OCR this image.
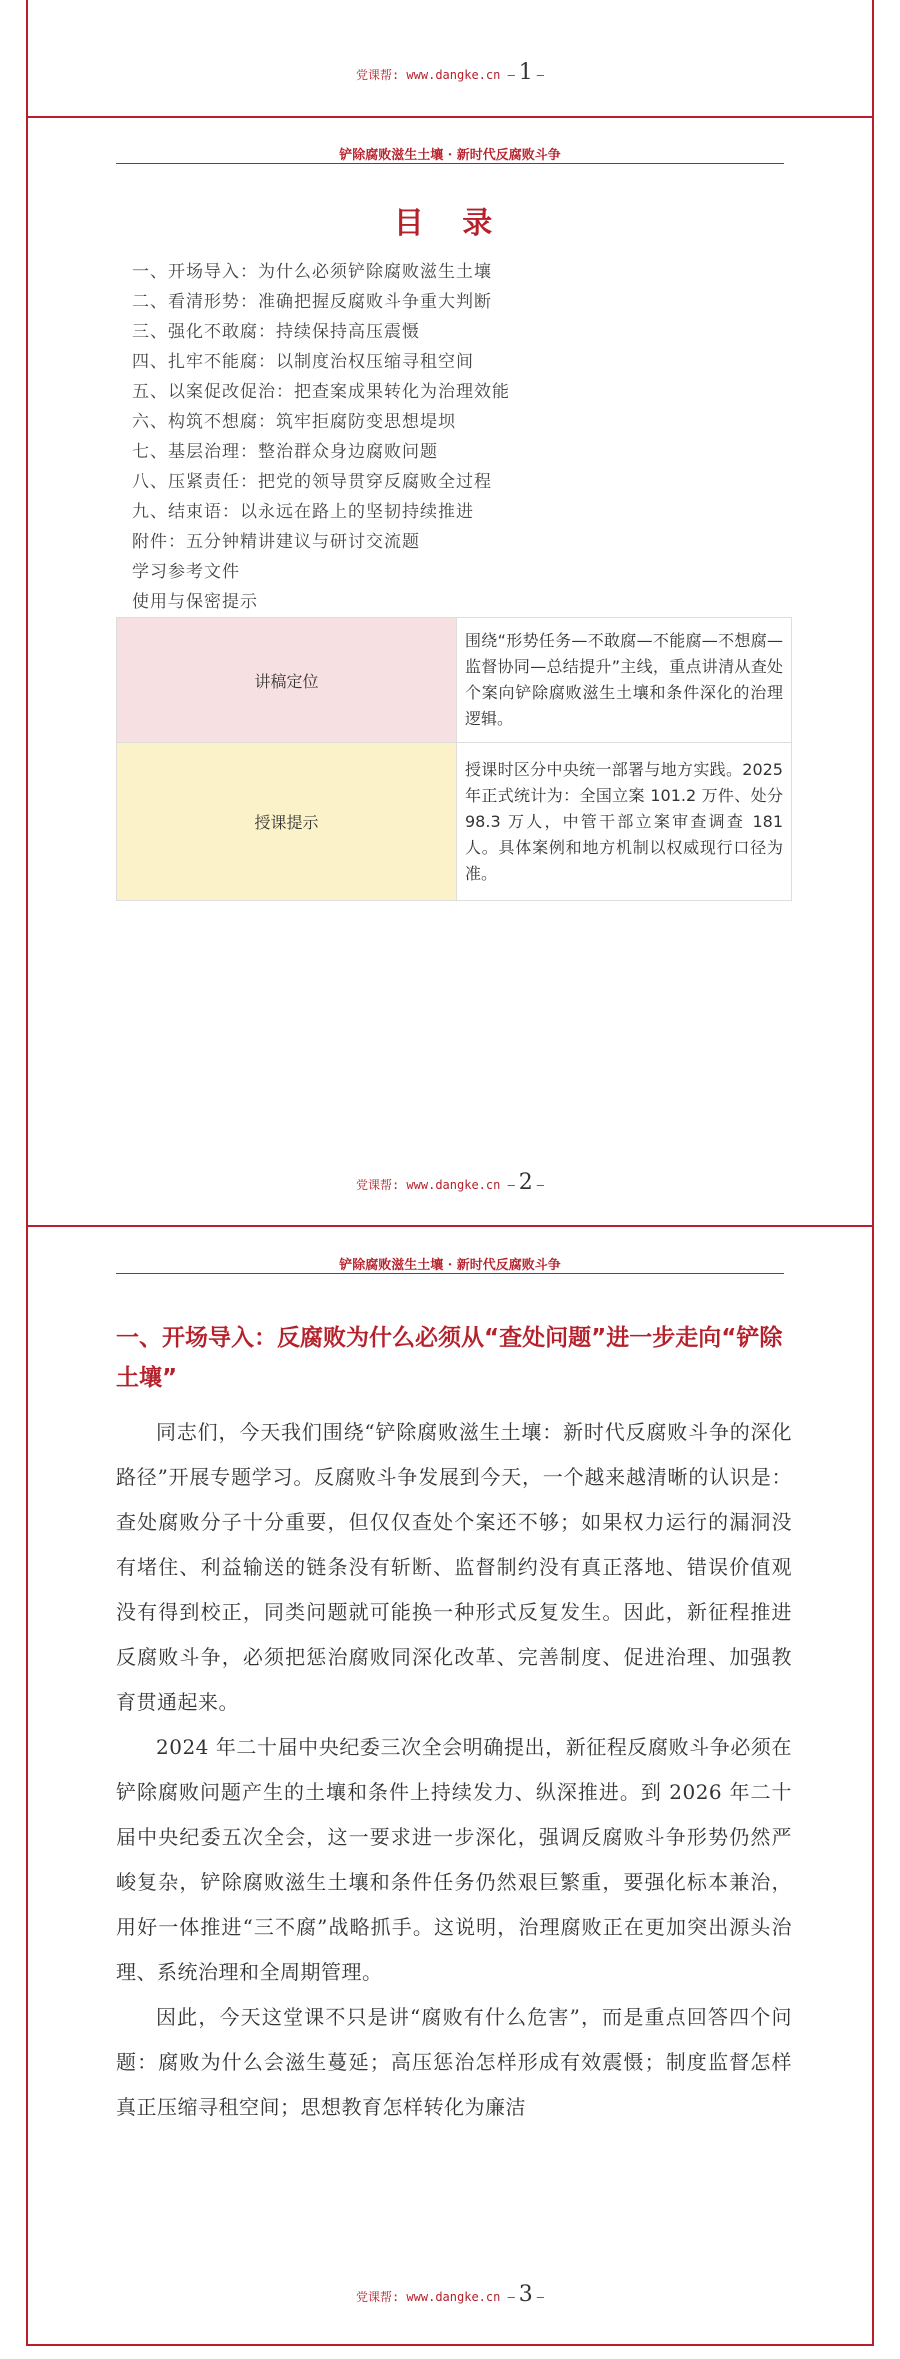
党课帮: www.dangke.cn — 1 —
铲除腐败滋生土壤 · 新时代反腐败斗争
目 录
一、开场导入：为什么必须铲除腐败滋生土壤
二、看清形势：准确把握反腐败斗争重大判断
三、强化不敢腐：持续保持高压震慑
四、扎牢不能腐：以制度治权压缩寻租空间
五、以案促改促治：把查案成果转化为治理效能
六、构筑不想腐：筑牢拒腐防变思想堤坝
七、基层治理：整治群众身边腐败问题
八、压紧责任：把党的领导贯穿反腐败全过程
九、结束语：以永远在路上的坚韧持续推进
附件：五分钟精讲建议与研讨交流题
学习参考文件
使用与保密提示
讲稿定位	围绕“形势任务—不敢腐—不能腐—不想腐—监督协同—总结提升”主线，重点讲清从查处个案向铲除腐败滋生土壤和条件深化的治理逻辑。
授课提示	授课时区分中央统一部署与地方实践。2025 年正式统计为：全国立案 101.2 万件、处分 98.3 万人，中管干部立案审查调查 181 人。具体案例和地方机制以权威现行口径为准。
党课帮: www.dangke.cn — 2 —
铲除腐败滋生土壤 · 新时代反腐败斗争
一、开场导入：反腐败为什么必须从“查处问题”进一步走向“铲除土壤”

同志们，今天我们围绕“铲除腐败滋生土壤：新时代反腐败斗争的深化路径”开展专题学习。反腐败斗争发展到今天，一个越来越清晰的认识是：查处腐败分子十分重要，但仅仅查处个案还不够；如果权力运行的漏洞没有堵住、利益输送的链条没有斩断、监督制约没有真正落地、错误价值观没有得到校正，同类问题就可能换一种形式反复发生。因此，新征程推进反腐败斗争，必须把惩治腐败同深化改革、完善制度、促进治理、加强教育贯通起来。

2024 年二十届中央纪委三次全会明确提出，新征程反腐败斗争必须在铲除腐败问题产生的土壤和条件上持续发力、纵深推进。到 2026 年二十届中央纪委五次全会，这一要求进一步深化，强调反腐败斗争形势仍然严峻复杂，铲除腐败滋生土壤和条件任务仍然艰巨繁重，要强化标本兼治，用好一体推进“三不腐”战略抓手。这说明，治理腐败正在更加突出源头治理、系统治理和全周期管理。

因此，今天这堂课不只是讲“腐败有什么危害”，而是重点回答四个问题：腐败为什么会滋生蔓延；高压惩治怎样形成有效震慑；制度监督怎样真正压缩寻租空间；思想教育怎样转化为廉洁

党课帮: www.dangke.cn — 3 —
